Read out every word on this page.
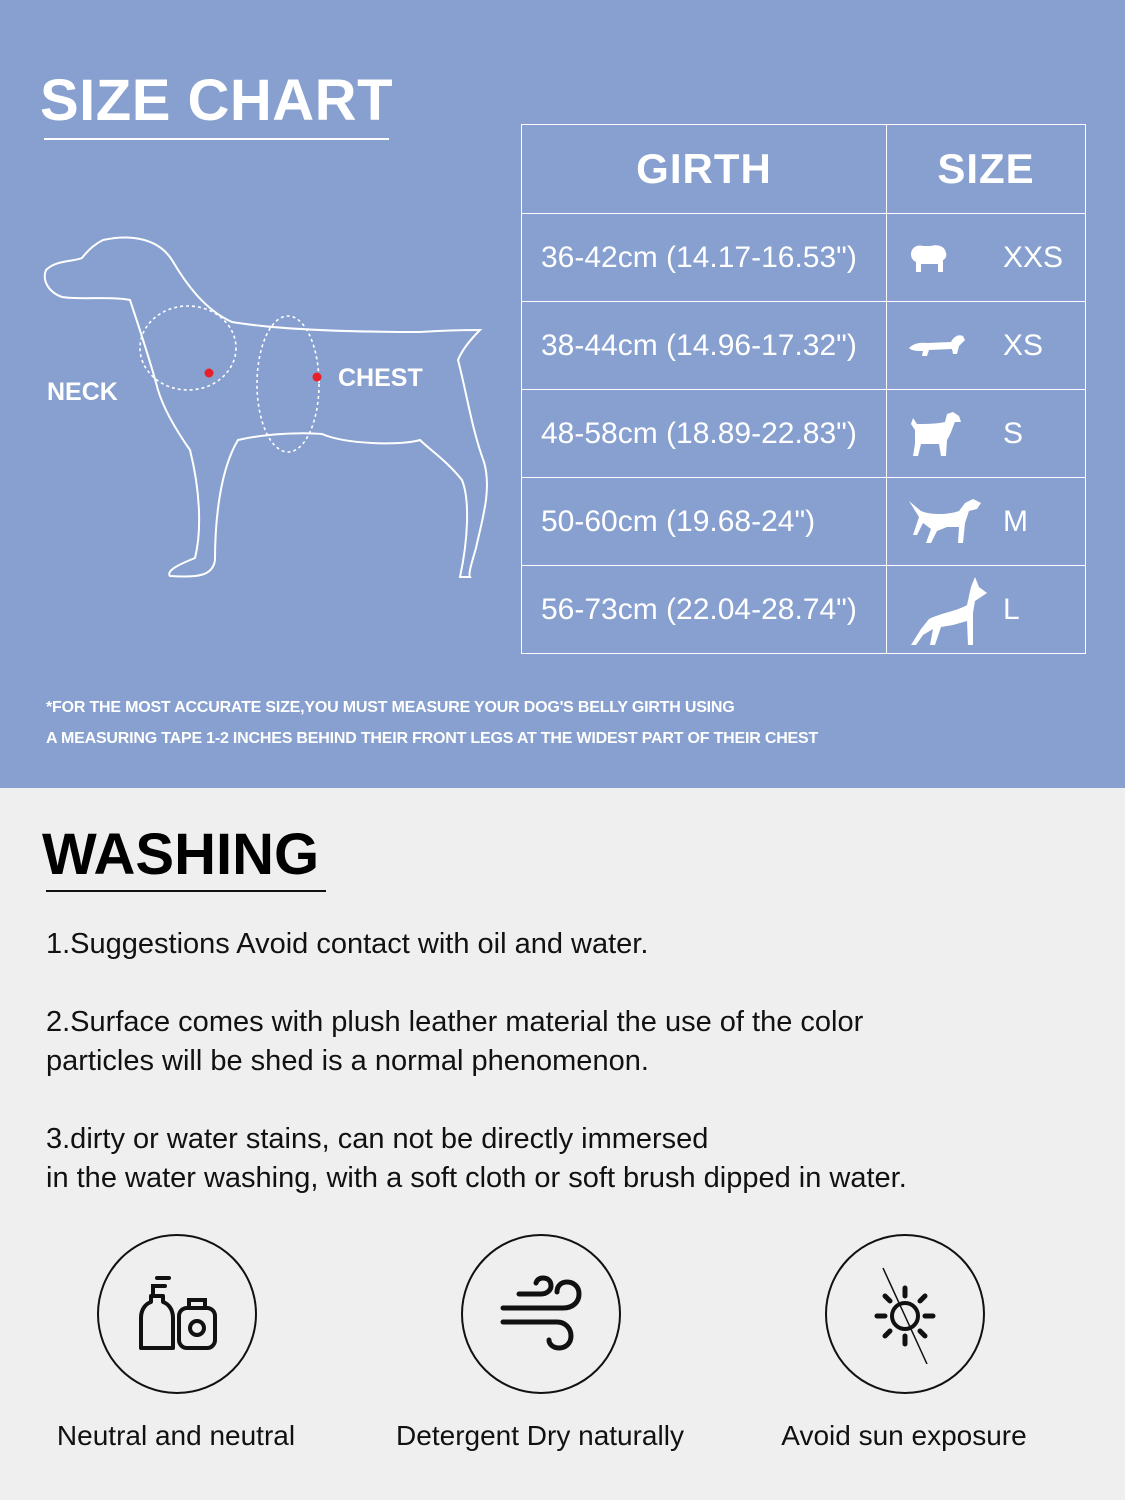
SIZE CHART
NECK	CHEST
GIRTH	SIZE
36-42cm (14.17-16.53")	XXS

38-44cm (14.96-17.32")	XS

48-58cm (18.89-22.83")	S

50-60cm (19.68-24")	M

56-73cm (22.04-28.74")	L
*FOR THE MOST ACCURATE SIZE,YOU MUST MEASURE YOUR DOG'S BELLY GIRTH USING
A MEASURING TAPE 1-2 INCHES BEHIND THEIR FRONT LEGS AT THE WIDEST PART OF THEIR CHEST
WASHING
1.Suggestions Avoid contact with oil and water.
2.Surface comes with plush leather material the use of the color
particles will be shed is a normal phenomenon.
3.dirty or water stains, can not be directly immersed
in the water washing, with a soft cloth or soft brush dipped in water.
Neutral and neutral	Detergent Dry naturally	Avoid sun exposure
